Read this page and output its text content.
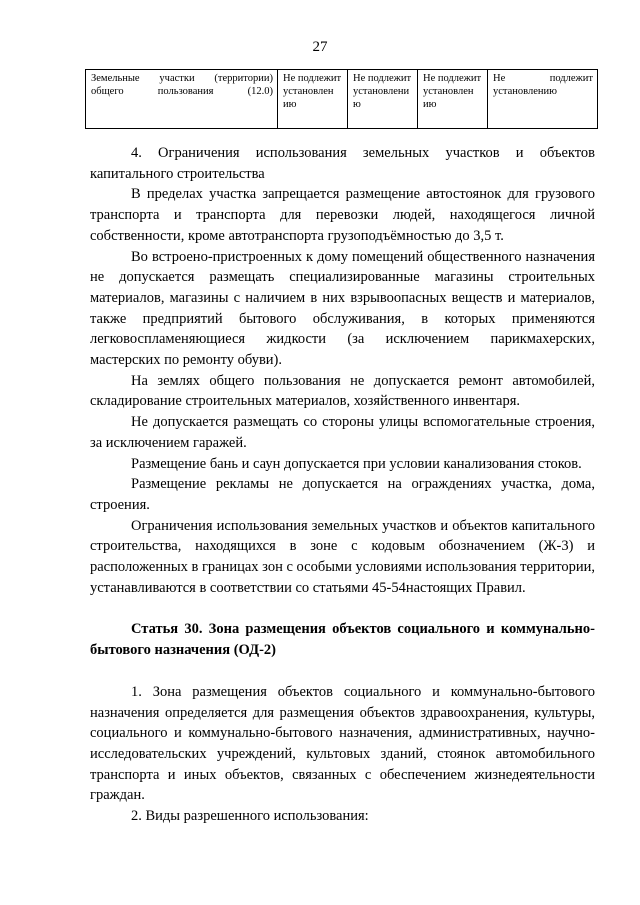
27
Земельные участки (территории) общего пользования (12.0)	Не подлежит установлен ию	Не подлежит установлени ю	Не подлежит установлен ию	Не подлежит установлению

4. Ограничения использования земельных участков и объектов капитального строительства

В пределах участка запрещается размещение автостоянок для грузового транспорта и транспорта для перевозки людей, находящегося личной собственности, кроме автотранспорта грузоподъёмностью до 3,5 т.

Во встроено-пристроенных к дому помещений общественного назначения не допускается размещать специализированные магазины строительных материалов, магазины с наличием в них взрывоопасных веществ и материалов, также предприятий бытового обслуживания, в которых применяются легковоспламеняющиеся жидкости (за исключением парикмахерских, мастерских по ремонту обуви).

На землях общего пользования не допускается ремонт автомобилей, складирование строительных материалов, хозяйственного инвентаря.

Не допускается размещать со стороны улицы вспомогательные строения, за исключением гаражей.

Размещение бань и саун допускается при условии канализования стоков.

Размещение рекламы не допускается на ограждениях участка, дома, строения.

Ограничения использования земельных участков и объектов капитального строительства, находящихся в зоне с кодовым обозначением (Ж-3) и расположенных в границах зон с особыми условиями использования территории, устанавливаются в соответствии со статьями 45-54настоящих Правил.

Статья 30. Зона размещения объектов социального и коммунально-бытового назначения (ОД-2)

1. Зона размещения объектов социального и коммунально-бытового назначения определяется для размещения объектов здравоохранения, культуры, социального и коммунально-бытового назначения, административных, научно-исследовательских учреждений, культовых зданий, стоянок автомобильного транспорта и иных объектов, связанных с обеспечением жизнедеятельности граждан.

2. Виды разрешенного использования:
